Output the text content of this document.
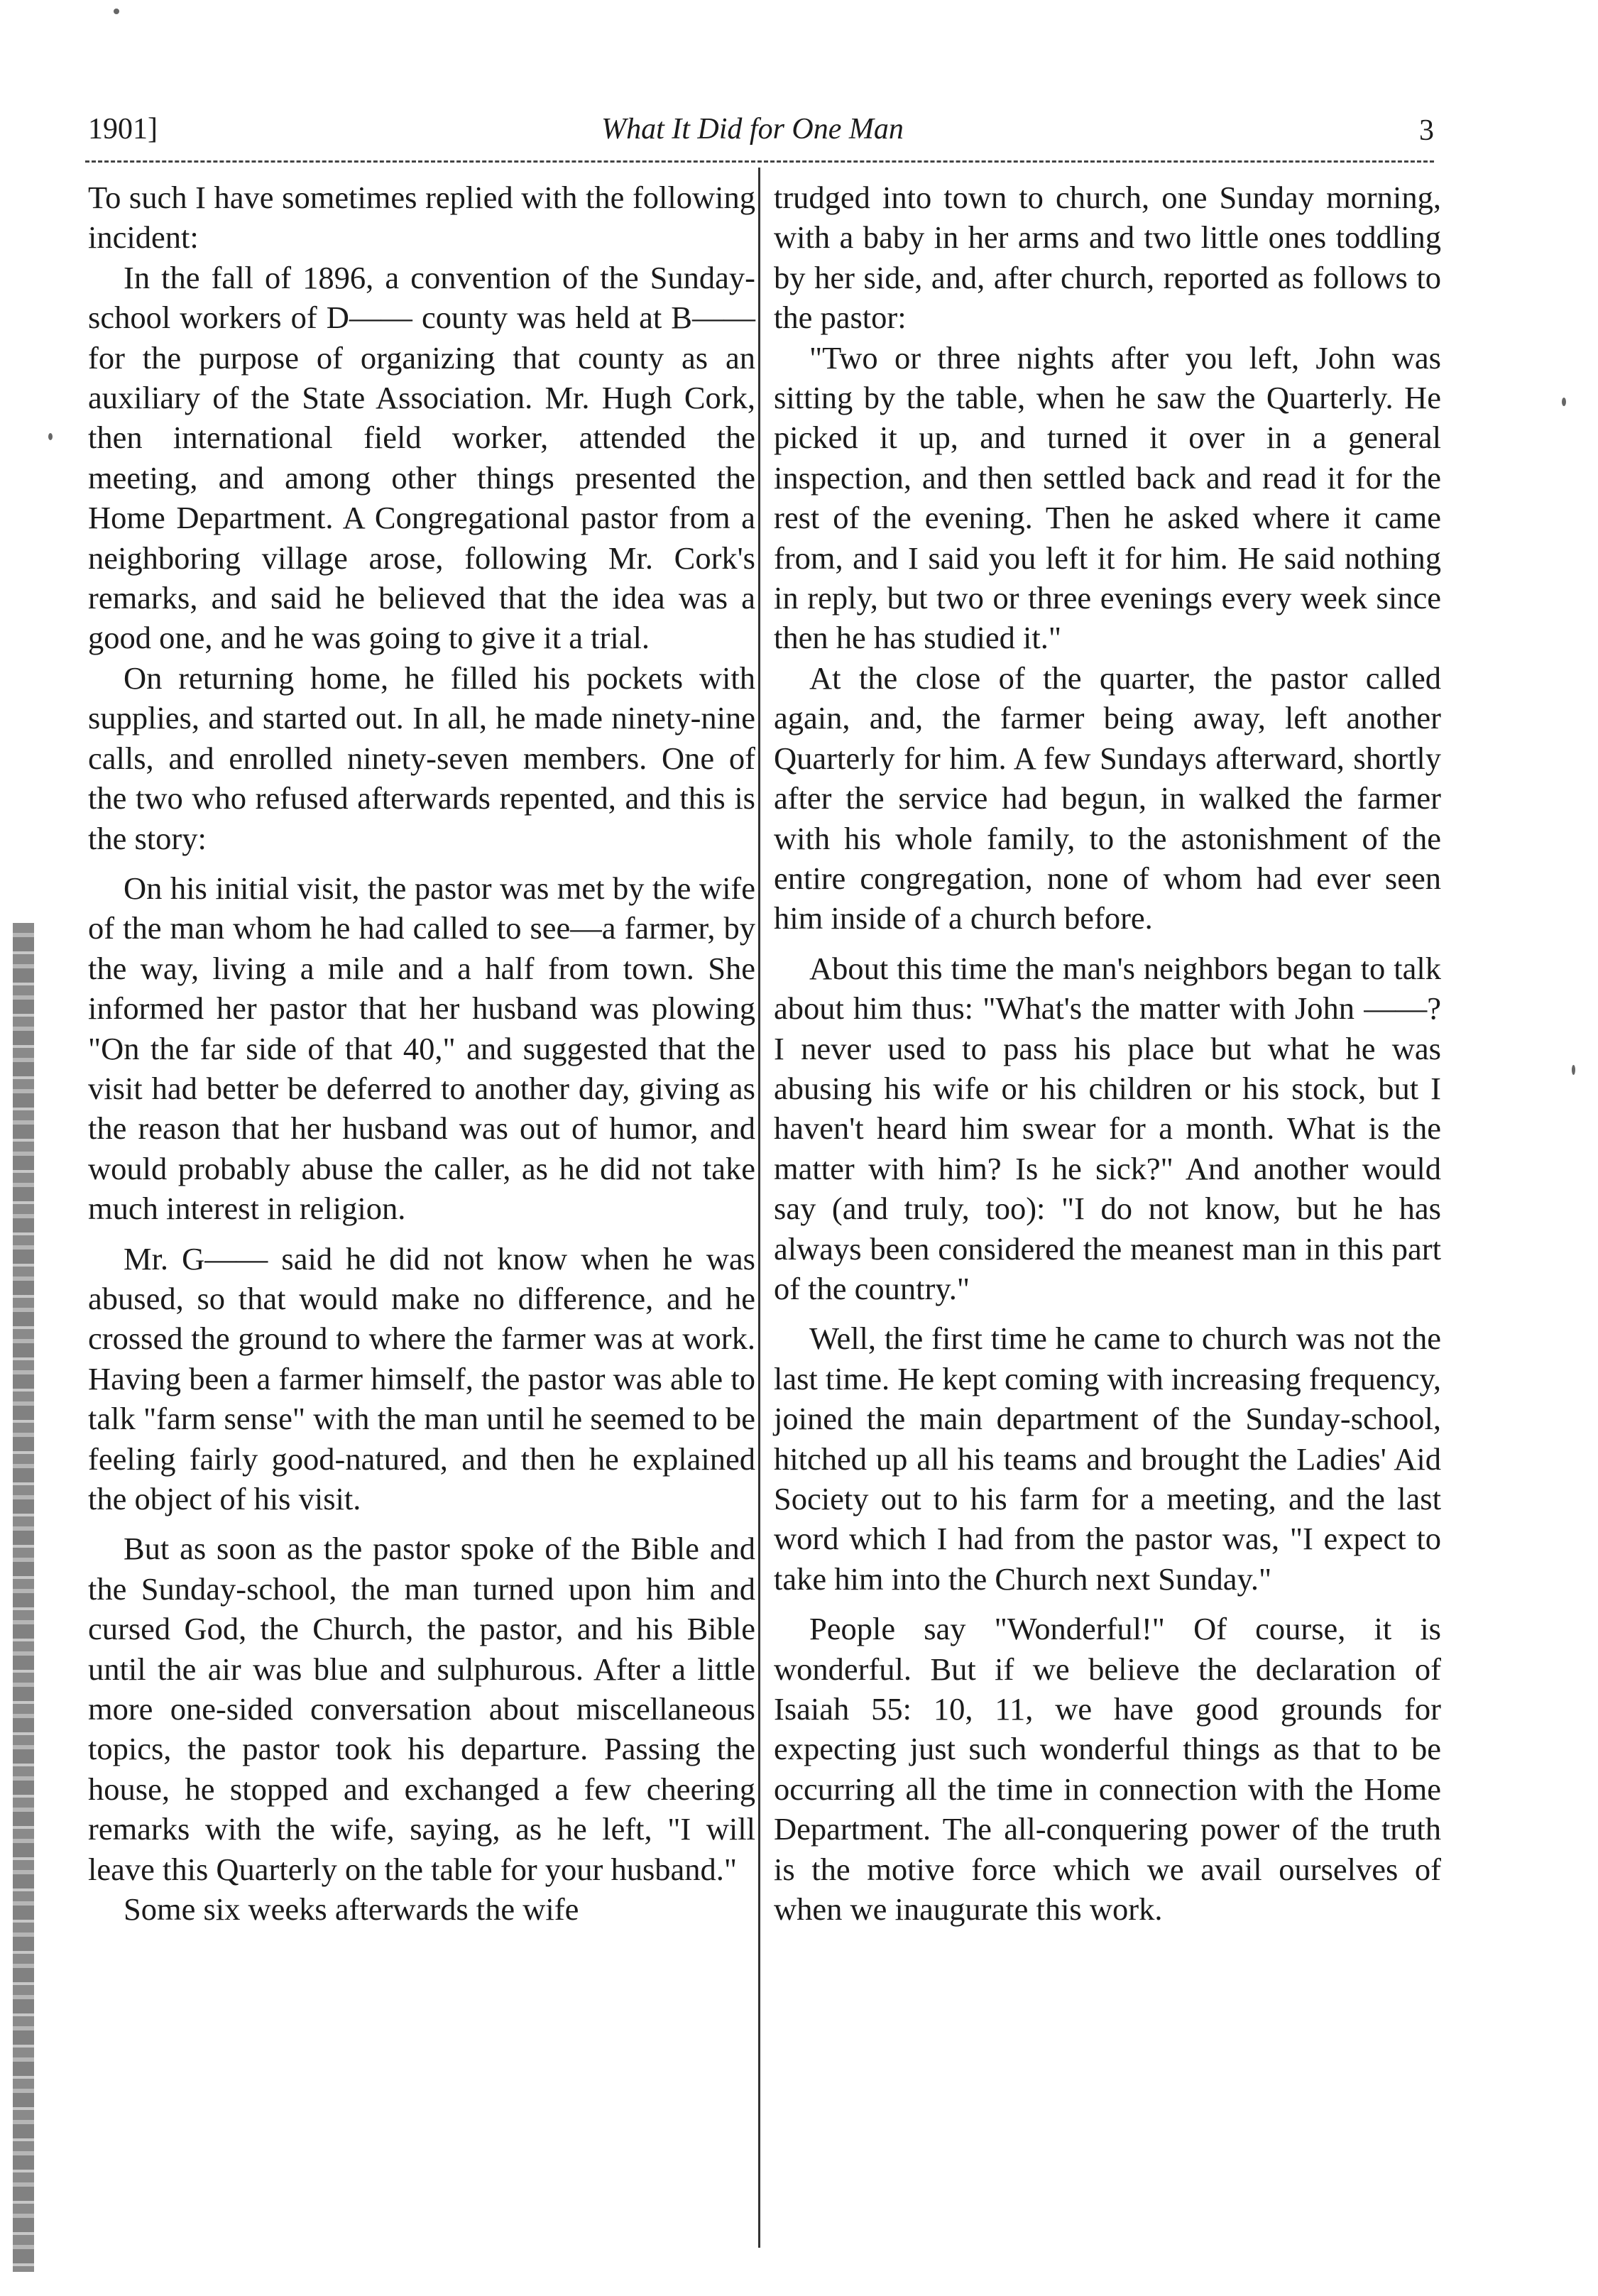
1901]	What It Did for One Man	3

To such I have sometimes replied with the following incident:

In the fall of 1896, a convention of the Sunday-school workers of D—— county was held at B—— for the purpose of organizing that county as an auxiliary of the State Association. Mr. Hugh Cork, then international field worker, attended the meeting, and among other things presented the Home Department. A Congregational pastor from a neighboring village arose, following Mr. Cork's remarks, and said he believed that the idea was a good one, and he was going to give it a trial.

On returning home, he filled his pockets with supplies, and started out. In all, he made ninety-nine calls, and enrolled ninety-seven members. One of the two who refused afterwards repented, and this is the story:

On his initial visit, the pastor was met by the wife of the man whom he had called to see—a farmer, by the way, living a mile and a half from town. She informed her pastor that her husband was plowing "On the far side of that 40," and suggested that the visit had better be deferred to another day, giving as the reason that her husband was out of humor, and would probably abuse the caller, as he did not take much interest in religion.

Mr. G—— said he did not know when he was abused, so that would make no difference, and he crossed the ground to where the farmer was at work. Having been a farmer himself, the pastor was able to talk "farm sense" with the man until he seemed to be feeling fairly good-natured, and then he explained the object of his visit.

But as soon as the pastor spoke of the Bible and the Sunday-school, the man turned upon him and cursed God, the Church, the pastor, and his Bible until the air was blue and sulphurous. After a little more one-sided conversation about miscellaneous topics, the pastor took his departure. Passing the house, he stopped and exchanged a few cheering remarks with the wife, saying, as he left, "I will leave this Quarterly on the table for your husband."

Some six weeks afterwards the wife

trudged into town to church, one Sunday morning, with a baby in her arms and two little ones toddling by her side, and, after church, reported as follows to the pastor:

"Two or three nights after you left, John was sitting by the table, when he saw the Quarterly. He picked it up, and turned it over in a general inspection, and then settled back and read it for the rest of the evening. Then he asked where it came from, and I said you left it for him. He said nothing in reply, but two or three evenings every week since then he has studied it."

At the close of the quarter, the pastor called again, and, the farmer being away, left another Quarterly for him. A few Sundays afterward, shortly after the service had begun, in walked the farmer with his whole family, to the astonishment of the entire congregation, none of whom had ever seen him inside of a church before.

About this time the man's neighbors began to talk about him thus: "What's the matter with John ——? I never used to pass his place but what he was abusing his wife or his children or his stock, but I haven't heard him swear for a month. What is the matter with him? Is he sick?" And another would say (and truly, too): "I do not know, but he has always been considered the meanest man in this part of the country."

Well, the first time he came to church was not the last time. He kept coming with increasing frequency, joined the main department of the Sunday-school, hitched up all his teams and brought the Ladies' Aid Society out to his farm for a meeting, and the last word which I had from the pastor was, "I expect to take him into the Church next Sunday."

People say "Wonderful!" Of course, it is wonderful. But if we believe the declaration of Isaiah 55: 10, 11, we have good grounds for expecting just such wonderful things as that to be occurring all the time in connection with the Home Department. The all-conquering power of the truth is the motive force which we avail ourselves of when we inaugurate this work.
